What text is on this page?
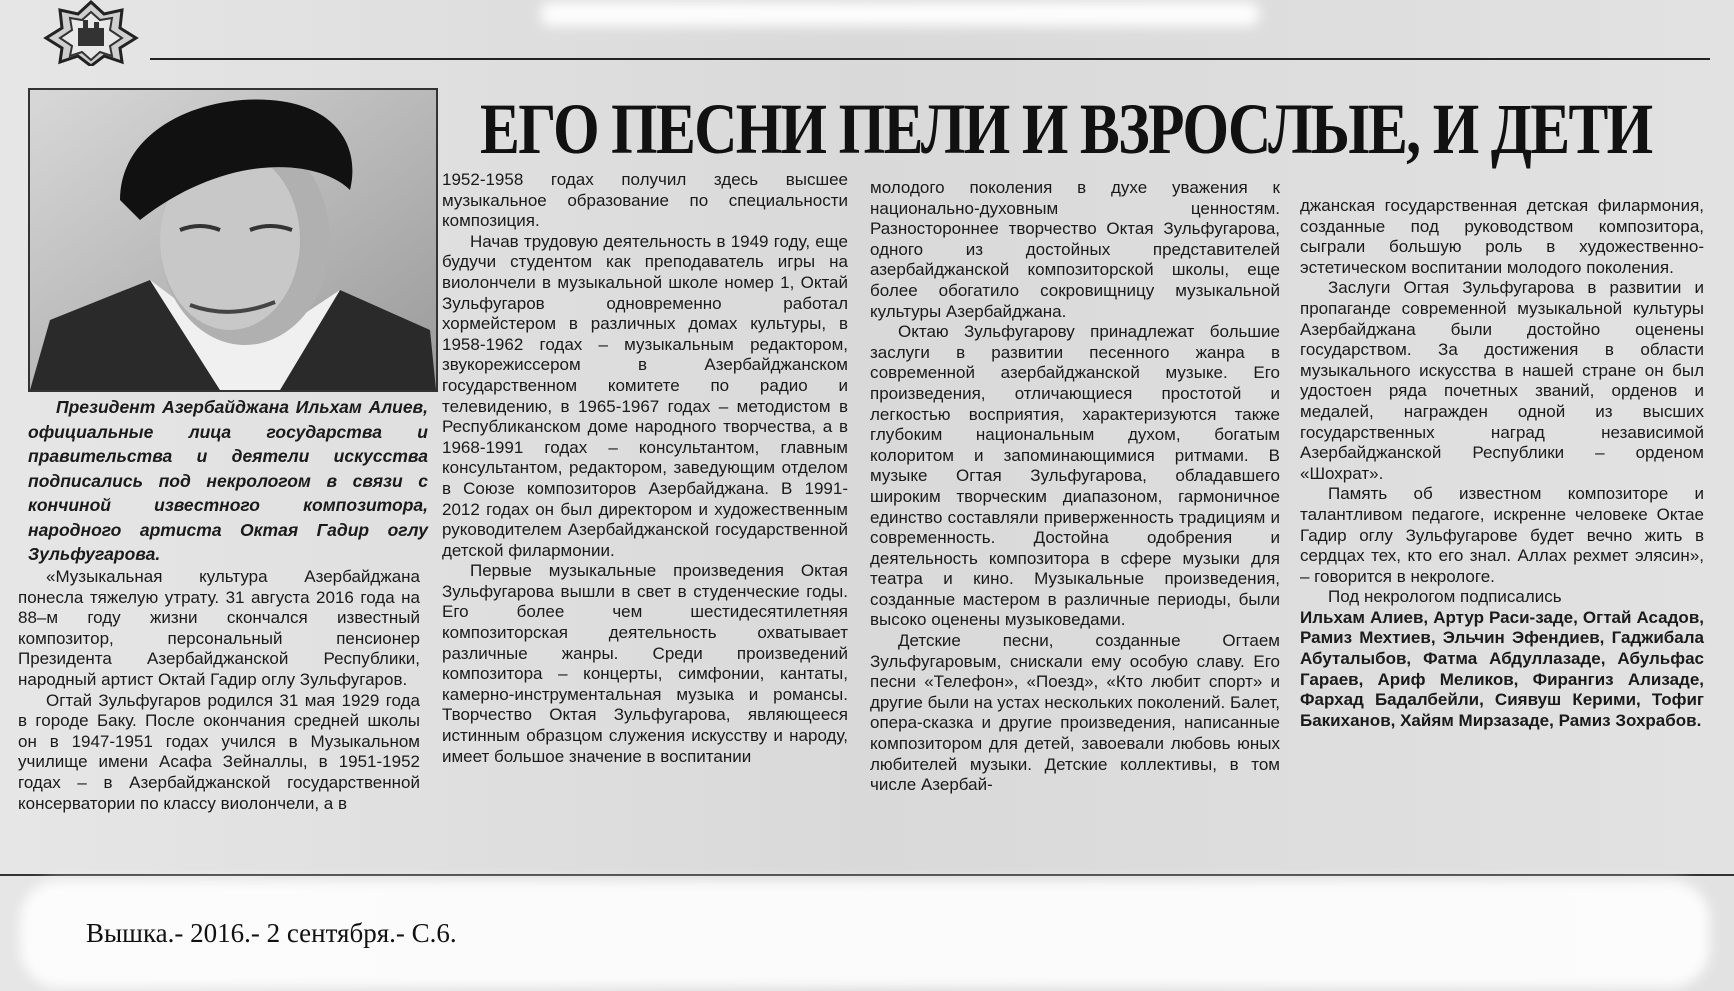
Президент Азербайджана Ильхам Алиев, официальные лица государства и правительства и деятели искусства подписались под некрологом в связи с кончиной известного композитора, народного артиста Октая Гадир оглу Зульфугарова.

ЕГО ПЕСНИ ПЕЛИ И ВЗРОСЛЫЕ, И ДЕТИ

«Музыкальная культура Азербайджана понесла тяжелую утрату. 31 августа 2016 года на 88–м году жизни скончался известный композитор, персональный пенсионер Президента Азербайджанской Республики, народный артист Октай Гадир оглу Зульфугаров.

Огтай Зульфугаров родился 31 мая 1929 года в городе Баку. После окончания средней школы он в 1947-1951 годах учился в Музыкальном училище имени Асафа Зейналлы, в 1951-1952 годах – в Азербайджанской государственной консерватории по классу виолончели, а в

1952-1958 годах получил здесь высшее музыкальное образование по специальности композиция.

Начав трудовую деятельность в 1949 году, еще будучи студентом как преподаватель игры на виолончели в музыкальной школе номер 1, Октай Зульфугаров одновременно работал хормейстером в различных домах культуры, в 1958-1962 годах – музыкальным редактором, звукорежиссером в Азербайджанском государственном комитете по радио и телевидению, в 1965-1967 годах – методистом в Республиканском доме народного творчества, а в 1968-1991 годах – консультантом, главным консультантом, редактором, заведующим отделом в Союзе композиторов Азербайджана. В 1991-2012 годах он был директором и художественным руководителем Азербайджанской государственной детской филармонии.

Первые музыкальные произведения Октая Зульфугарова вышли в свет в студенческие годы. Его более чем шестидесятилетняя композиторская деятельность охватывает различные жанры. Среди произведений композитора – концерты, симфонии, кантаты, камерно-инструментальная музыка и романсы. Творчество Октая Зульфугарова, являющееся истинным образцом служения искусству и народу, имеет большое значение в воспитании

молодого поколения в духе уважения к национально-духовным ценностям. Разностороннее творчество Октая Зульфугарова, одного из достойных представителей азербайджанской композиторской школы, еще более обогатило сокровищницу музыкальной культуры Азербайджана.

Октаю Зульфугарову принадлежат большие заслуги в развитии песенного жанра в современной азербайджанской музыке. Его произведения, отличающиеся простотой и легкостью восприятия, характеризуются также глубоким национальным духом, богатым колоритом и запоминающимися ритмами. В музыке Огтая Зульфугарова, обладавшего широким творческим диапазоном, гармоничное единство составляли приверженность традициям и современность. Достойна одобрения и деятельность композитора в сфере музыки для театра и кино. Музыкальные произведения, созданные мастером в различные периоды, были высоко оценены музыковедами.

Детские песни, созданные Огтаем Зульфугаровым, снискали ему особую славу. Его песни «Телефон», «Поезд», «Кто любит спорт» и другие были на устах нескольких поколений. Балет, опера-сказка и другие произведения, написанные композитором для детей, завоевали любовь юных любителей музыки. Детские коллективы, в том числе Азербай-

джанская государственная детская филармония, созданные под руководством композитора, сыграли большую роль в художественно-эстетическом воспитании молодого поколения.

Заслуги Огтая Зульфугарова в развитии и пропаганде современной музыкальной культуры Азербайджана были достойно оценены государством. За достижения в области музыкального искусства в нашей стране он был удостоен ряда почетных званий, орденов и медалей, награжден одной из высших государственных наград независимой Азербайджанской Республики – орденом «Шохрат».

Память об известном композиторе и талантливом педагоге, искренне человеке Октае Гадир оглу Зульфугарове будет вечно жить в сердцах тех, кто его знал. Аллах рехмет элясин», – говорится в некрологе.

Под некрологом подписались

Ильхам Алиев, Артур Раси-заде, Огтай Асадов, Рамиз Мехтиев, Эльчин Эфендиев, Гаджибала Абуталыбов, Фатма Абдуллазаде, Абульфас Гараев, Ариф Меликов, Фирангиз Ализаде, Фархад Бадалбейли, Сиявуш Керими, Тофиг Бакиханов, Хайям Мирзазаде, Рамиз Зохрабов.

Вышка.- 2016.- 2 сентября.- С.6.
